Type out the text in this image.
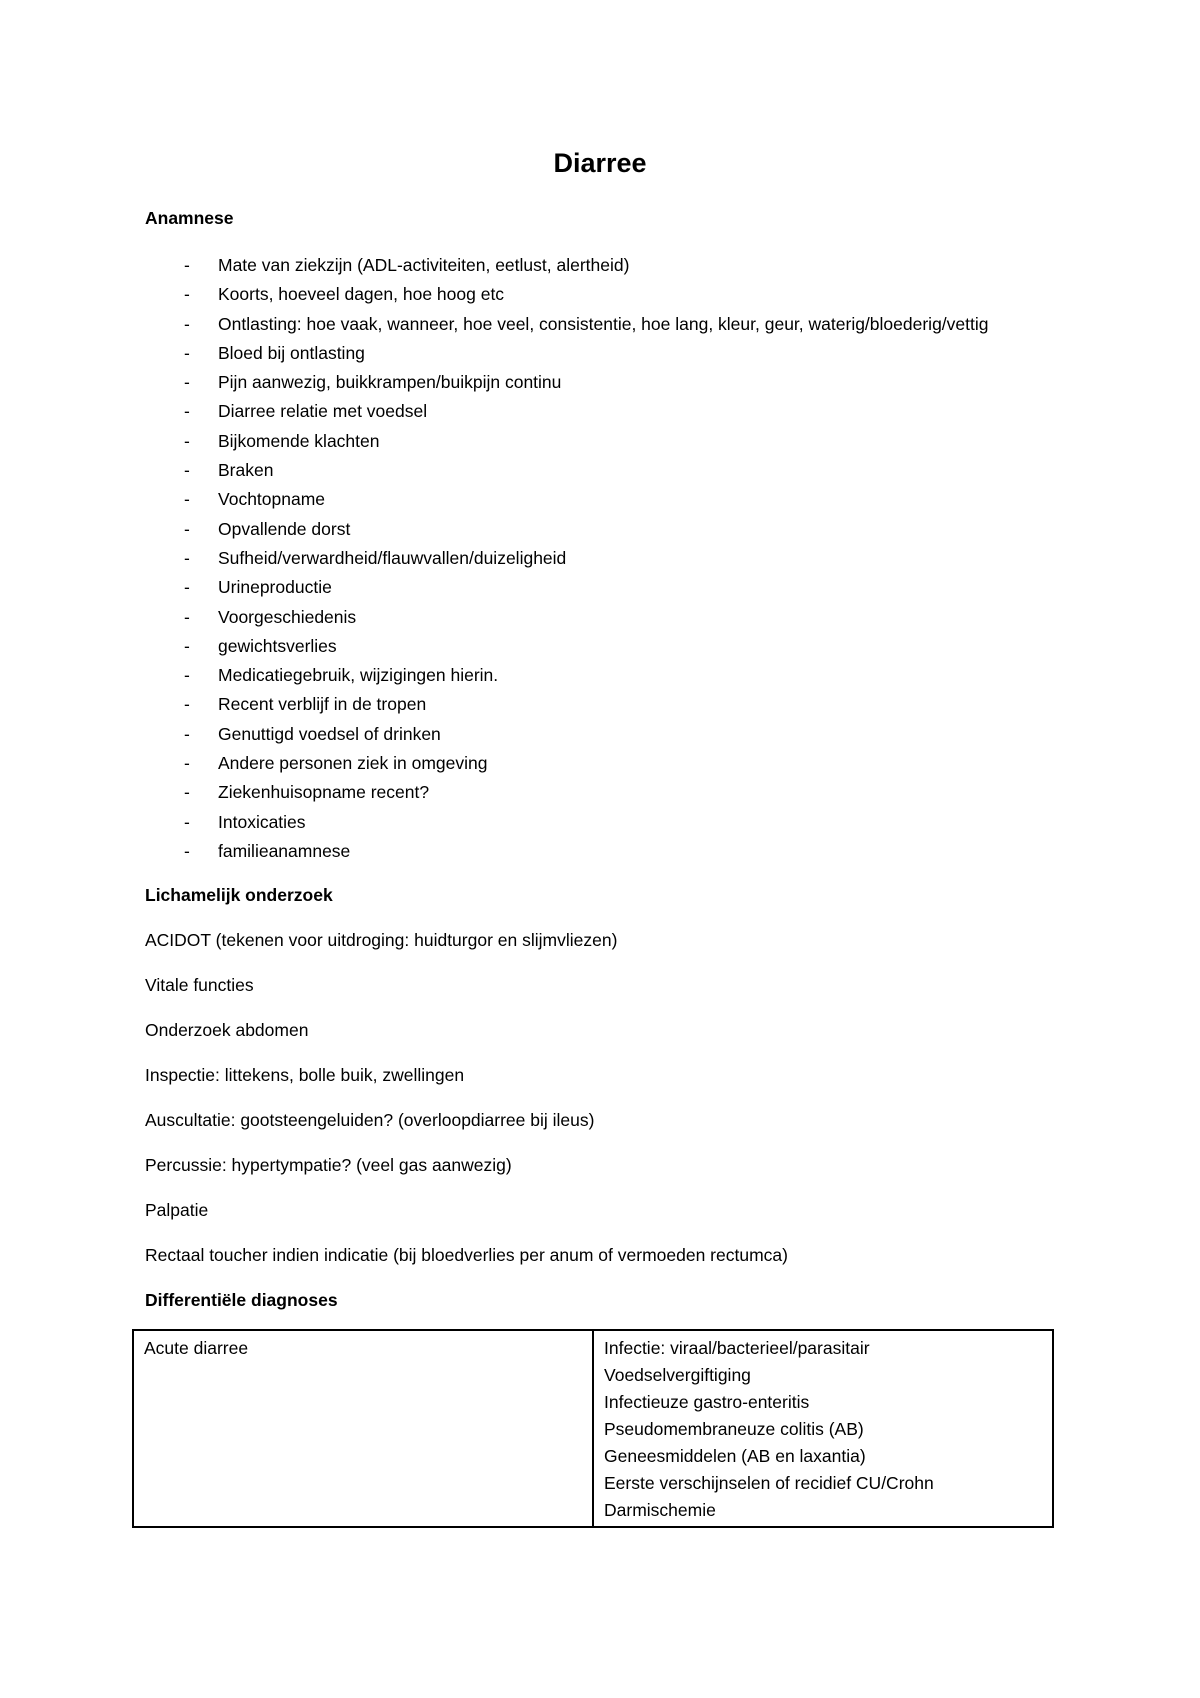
Diarree

Anamnese

- Mate van ziekzijn (ADL-activiteiten, eetlust, alertheid)
- Koorts, hoeveel dagen, hoe hoog etc
- Ontlasting: hoe vaak, wanneer, hoe veel, consistentie, hoe lang, kleur, geur, waterig/bloederig/vettig
- Bloed bij ontlasting
- Pijn aanwezig, buikkrampen/buikpijn continu
- Diarree relatie met voedsel
- Bijkomende klachten
- Braken
- Vochtopname
- Opvallende dorst
- Sufheid/verwardheid/flauwvallen/duizeligheid
- Urineproductie
- Voorgeschiedenis
- gewichtsverlies
- Medicatiegebruik, wijzigingen hierin.
- Recent verblijf in de tropen
- Genuttigd voedsel of drinken
- Andere personen ziek in omgeving
- Ziekenhuisopname recent?
- Intoxicaties
- familieanamnese

Lichamelijk onderzoek

ACIDOT (tekenen voor uitdroging: huidturgor en slijmvliezen)

Vitale functies

Onderzoek abdomen

Inspectie: littekens, bolle buik, zwellingen

Auscultatie: gootsteengeluiden? (overloopdiarree bij ileus)

Percussie: hypertympatie? (veel gas aanwezig)

Palpatie

Rectaal toucher indien indicatie (bij bloedverlies per anum of vermoeden rectumca)

Differentiële diagnoses

Acute diarree	Infectie: viraal/bacterieel/parasitair
Voedselvergiftiging
Infectieuze gastro-enteritis
Pseudomembraneuze colitis (AB)
Geneesmiddelen (AB en laxantia)
Eerste verschijnselen of recidief CU/Crohn
Darmischemie
